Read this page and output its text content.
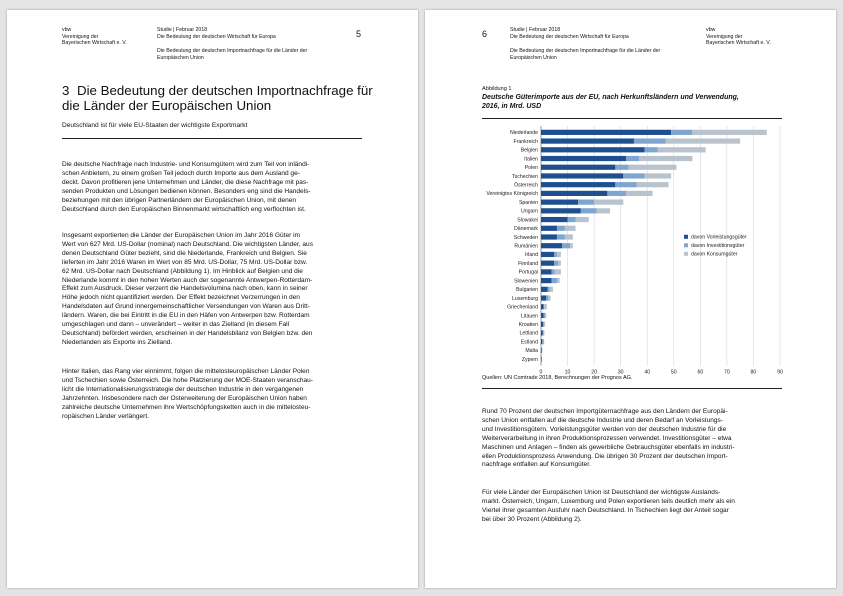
vbw
Vereinigung der
Bayerischen Wirtschaft e. V.
Studie | Februar 2018
Die Bedeutung der deutschen Wirtschaft für Europa
Die Bedeutung der deutschen Importnachfrage für die Länder der
Europäischen Union
5
3 Die Bedeutung der deutschen Importnachfrage für die Länder der Europäischen Union
Deutschland ist für viele EU-Staaten der wichtigste Exportmarkt
Die deutsche Nachfrage nach Industrie- und Konsumgütern wird zum Teil von inländi-
schen Anbietern, zu einem großen Teil jedoch durch Importe aus dem Ausland ge-
deckt. Davon profitieren jene Unternehmen und Länder, die diese Nachfrage mit pas-
senden Produkten und Lösungen bedienen können. Besonders eng sind die Handels-
beziehungen mit den übrigen Partnerländern der Europäischen Union, mit denen
Deutschland durch den Europäischen Binnenmarkt wirtschaftlich eng verflochten ist.
Insgesamt exportierten die Länder der Europäischen Union im Jahr 2016 Güter im
Wert von 627 Mrd. US-Dollar (nominal) nach Deutschland. Die wichtigsten Länder, aus
denen Deutschland Güter bezieht, sind die Niederlande, Frankreich und Belgien. Sie
lieferten im Jahr 2016 Waren im Wert von 85 Mrd. US-Dollar, 75 Mrd. US-Dollar bzw.
62 Mrd. US-Dollar nach Deutschland (Abbildung 1). Im Hinblick auf Belgien und die
Niederlande kommt in den hohen Werten auch der sogenannte Antwerpen-Rotterdam-
Effekt zum Ausdruck. Dieser verzerrt die Handelsvolumina nach oben, kann in seiner
Höhe jedoch nicht quantifiziert werden. Der Effekt bezeichnet Verzerrungen in den
Handelsdaten auf Grund innergemeinschaftlicher Versendungen von Waren aus Dritt-
ländern. Waren, die bei Eintritt in die EU in den Häfen von Antwerpen bzw. Rotterdam
umgeschlagen und dann – unverändert – weiter in das Zielland (in diesem Fall
Deutschland) befördert werden, erscheinen in der Handelsbilanz von Belgien bzw. den
Niederlanden als Exporte ins Zielland.
Hinter Italien, das Rang vier einnimmt, folgen die mittelosteuropäischen Länder Polen
und Tschechien sowie Österreich. Die hohe Platzierung der MOE-Staaten veranschau-
licht die Internationalisierungsstrategie der deutschen Industrie in den vergangenen
Jahrzehnten. Insbesondere nach der Osterweiterung der Europäischen Union haben
zahlreiche deutsche Unternehmen ihre Wertschöpfungsketten auch in die mittelosteu-
ropäischen Länder verlängert.
6	Studie | Februar 2018
Die Bedeutung der deutschen Wirtschaft für Europa
Die Bedeutung der deutschen Importnachfrage für die Länder der
Europäischen Union
vbw
Vereinigung der
Bayerischen Wirtschaft e. V.
Abbildung 1
Deutsche Güterimporte aus der EU, nach Herkunftsländern und Verwendung,
2016, in Mrd. USD
Niederlande
Frankreich
Belgien
Italien
Polen
Tschechien
Österreich
Vereinigtes Königreich
Spanien
Ungarn
Slowakei
Dänemark
Schweden
Rumänien
Irland
Finnland
Portugal
Slowenien
Bulgarien
Luxemburg
Griechenland
Litauen
Kroatien
Lettland
Estland
Malta
Zypern
0	10	20	30	40	50	60	70	80	90
davon Vorleistungsgüter
davon Investitionsgüter
davon Konsumgüter
Quellen: UN Comtrade 2018, Berechnungen der Prognos AG.
Rund 70 Prozent der deutschen Importgüternachfrage aus den Ländern der Europäi-
schen Union entfallen auf die deutsche Industrie und deren Bedarf an Vorleistungs-
und Investitionsgütern. Vorleistungsgüter werden von der deutschen Industrie für die
Weiterverarbeitung in ihren Produktionsprozessen verwendet. Investitionsgüter – etwa
Maschinen und Anlagen – finden als gewerbliche Gebrauchsgüter ebenfalls im industri-
ellen Produktionsprozess Anwendung. Die übrigen 30 Prozent der deutschen Import-
nachfrage entfallen auf Konsumgüter.
Für viele Länder der Europäischen Union ist Deutschland der wichtigste Auslands-
markt. Österreich, Ungarn, Luxemburg und Polen exportieren teils deutlich mehr als ein
Viertel ihrer gesamten Ausfuhr nach Deutschland. In Tschechien liegt der Anteil sogar
bei über 30 Prozent (Abbildung 2).
